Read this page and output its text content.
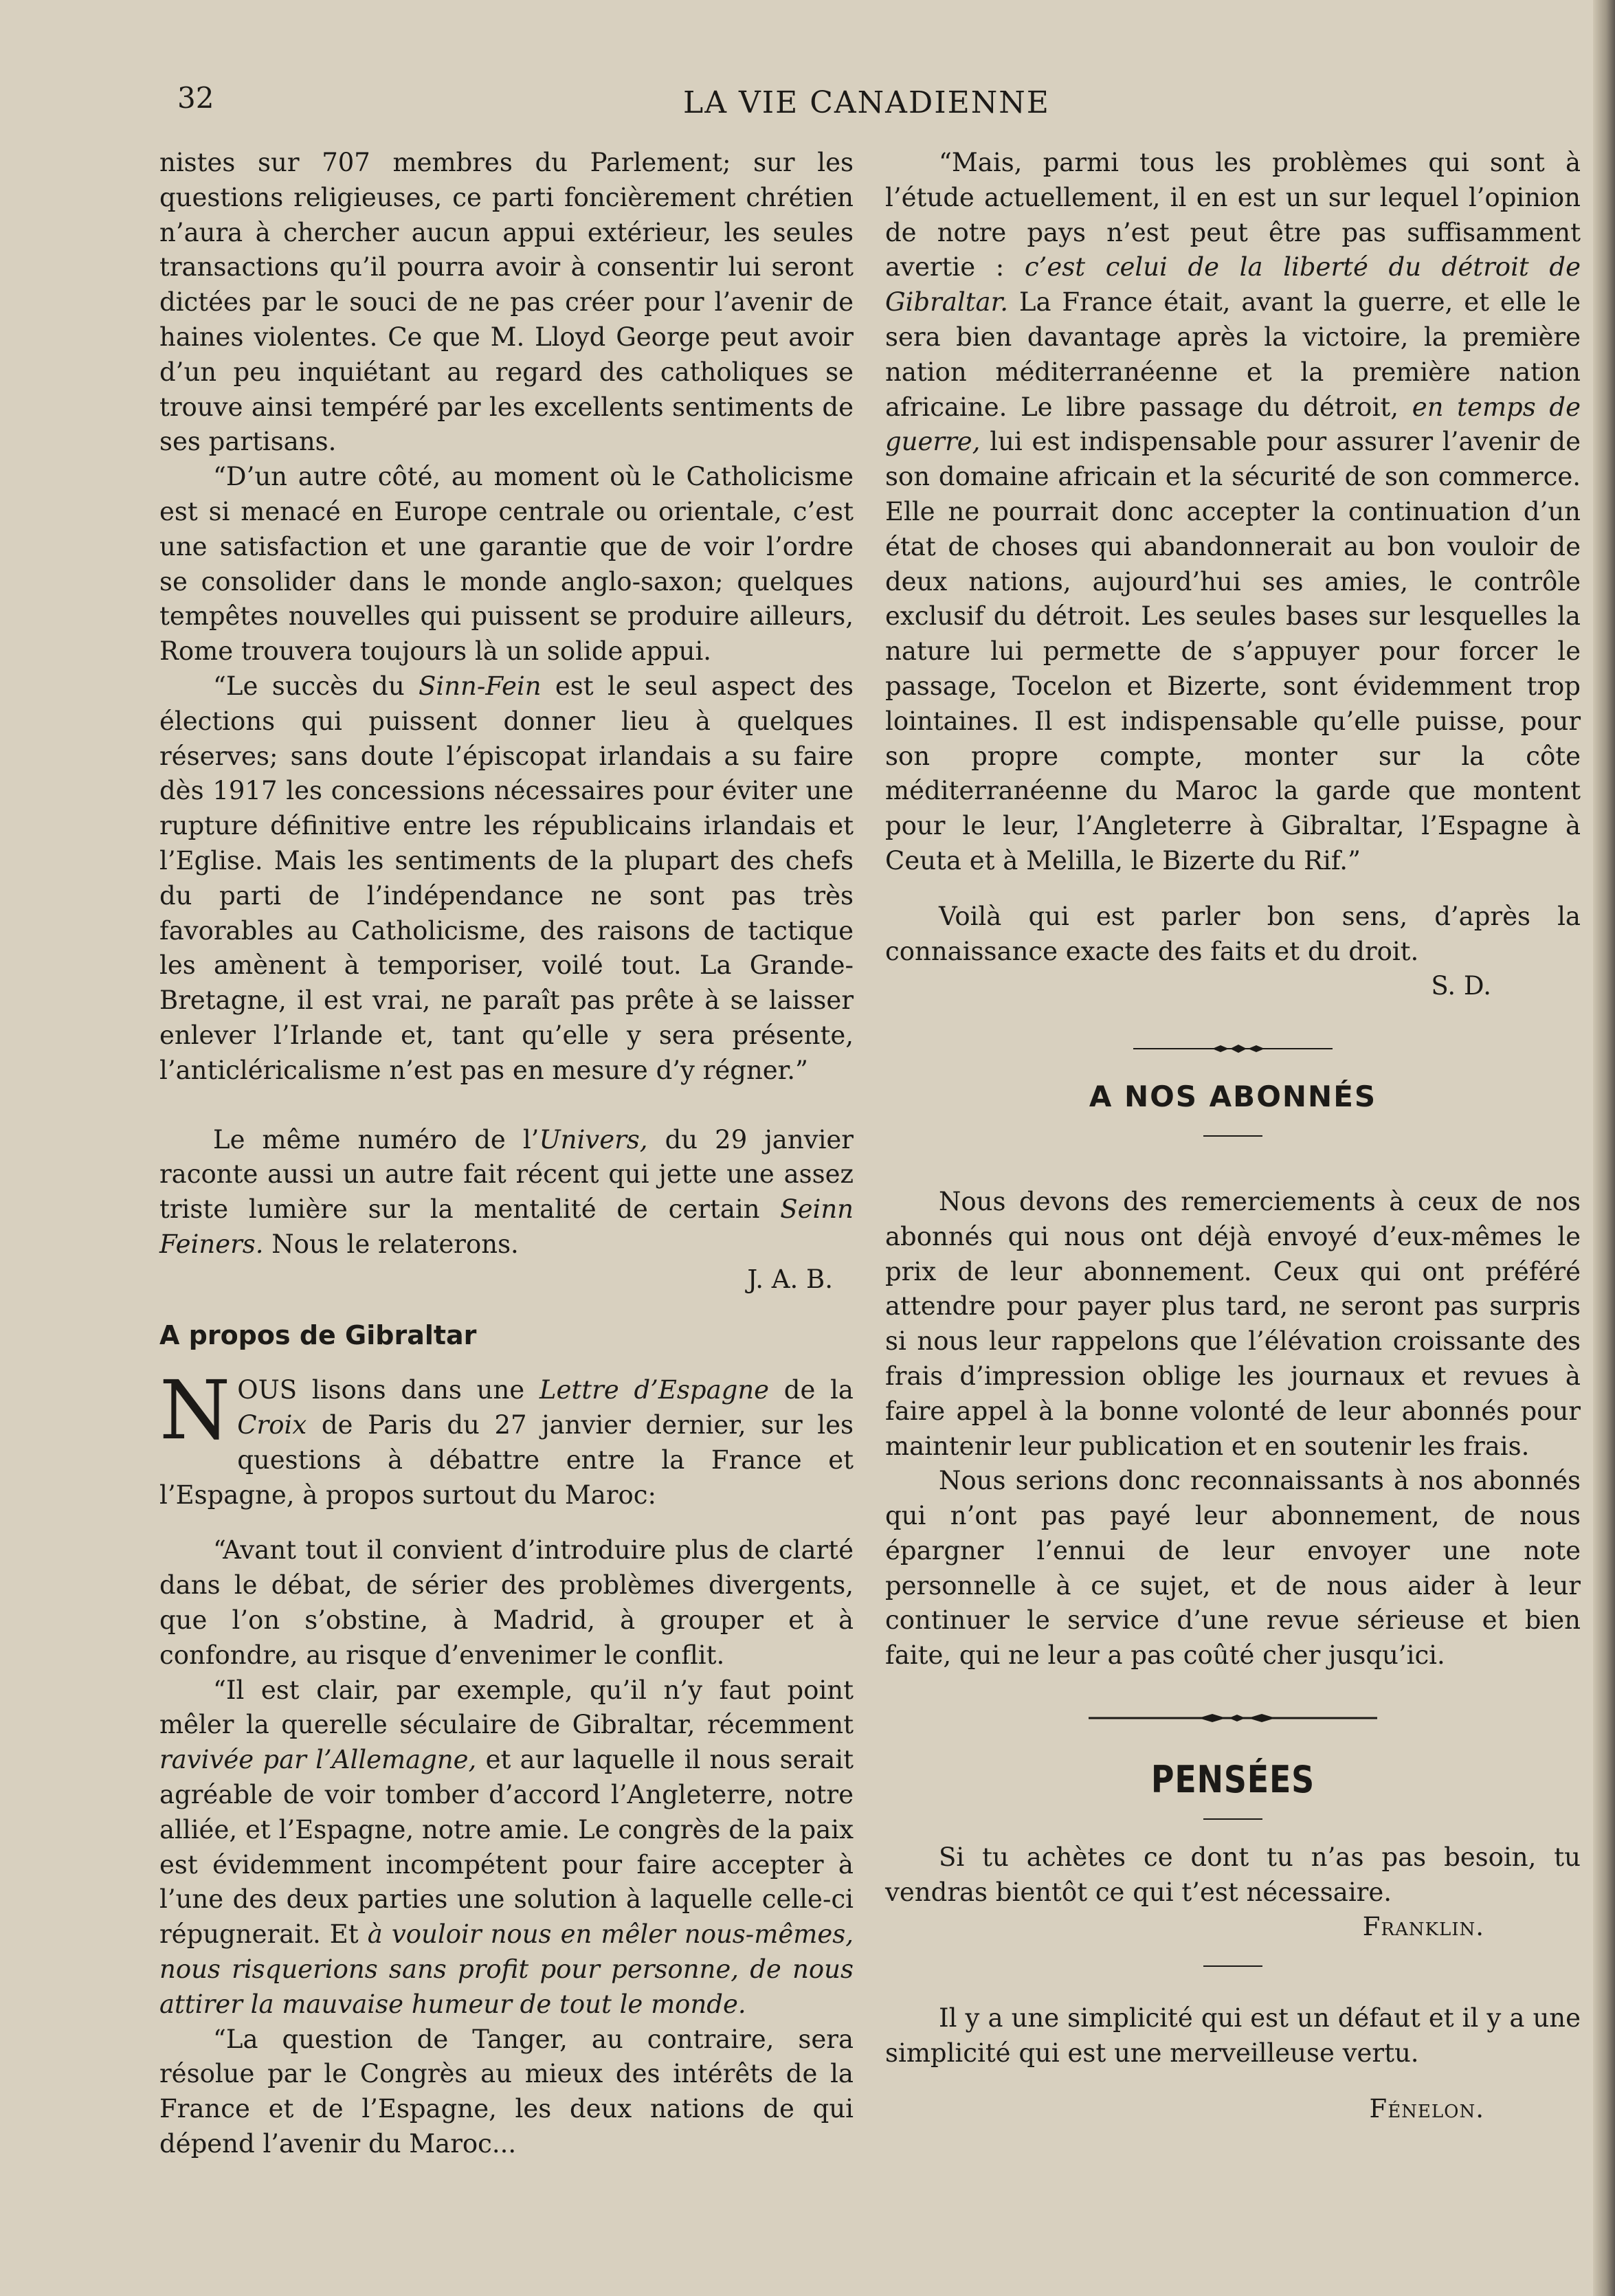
32	LA VIE CANADIENNE

nistes sur 707 membres du Parlement; sur les questions religieuses, ce parti foncièrement chrétien n’aura à chercher aucun appui extérieur, les seules transactions qu’il pourra avoir à consentir lui seront dictées par le souci de ne pas créer pour l’avenir de haines violentes. Ce que M. Lloyd George peut avoir d’un peu inquiétant au regard des catholiques se trouve ainsi tempéré par les excellents sentiments de ses partisans.

“D’un autre côté, au moment où le Catholicisme est si menacé en Europe centrale ou orientale, c’est une satisfaction et une garantie que de voir l’ordre se consolider dans le monde anglo-saxon; quelques tempêtes nouvelles qui puissent se produire ailleurs, Rome trouvera toujours là un solide appui.

“Le succès du Sinn-Fein est le seul aspect des élections qui puissent donner lieu à quelques réserves; sans doute l’épiscopat irlandais a su faire dès 1917 les concessions nécessaires pour éviter une rupture définitive entre les républicains irlandais et l’Eglise. Mais les sentiments de la plupart des chefs du parti de l’indépendance ne sont pas très favorables au Catholicisme, des raisons de tactique les amènent à temporiser, voilé tout. La Grande-Bretagne, il est vrai, ne paraît pas prête à se laisser enlever l’Irlande et, tant qu’elle y sera présente, l’anticléricalisme n’est pas en mesure d’y régner.”

Le même numéro de l’Univers, du 29 janvier raconte aussi un autre fait récent qui jette une assez triste lumière sur la mentalité de certain Seinn Feiners. Nous le relaterons.

J. A. B.

A propos de Gibraltar

NOUS lisons dans une Lettre d’Espagne de la Croix de Paris du 27 janvier dernier, sur les questions à débattre entre la France et l’Espagne, à propos surtout du Maroc:

“Avant tout il convient d’introduire plus de clarté dans le débat, de sérier des problèmes divergents, que l’on s’obstine, à Madrid, à grouper et à confondre, au risque d’envenimer le conflit.

“Il est clair, par exemple, qu’il n’y faut point mêler la querelle séculaire de Gibraltar, récemment ravivée par l’Allemagne, et aur laquelle il nous serait agréable de voir tomber d’accord l’Angleterre, notre alliée, et l’Espagne, notre amie. Le congrès de la paix est évidemment incompétent pour faire accepter à l’une des deux parties une solution à laquelle celle-ci répugnerait. Et à vouloir nous en mêler nous-mêmes, nous risquerions sans profit pour personne, de nous attirer la mauvaise humeur de tout le monde.

“La question de Tanger, au contraire, sera résolue par le Congrès au mieux des intérêts de la France et de l’Espagne, les deux nations de qui dépend l’avenir du Maroc...

“Mais, parmi tous les problèmes qui sont à l’étude actuellement, il en est un sur lequel l’opinion de notre pays n’est peut être pas suffisamment avertie : c’est celui de la liberté du détroit de Gibraltar. La France était, avant la guerre, et elle le sera bien davantage après la victoire, la première nation méditerranéenne et la première nation africaine. Le libre passage du détroit, en temps de guerre, lui est indispensable pour assurer l’avenir de son domaine africain et la sécurité de son commerce. Elle ne pourrait donc accepter la continuation d’un état de choses qui abandonnerait au bon vouloir de deux nations, aujourd’hui ses amies, le contrôle exclusif du détroit. Les seules bases sur lesquelles la nature lui permette de s’appuyer pour forcer le passage, Tocelon et Bizerte, sont évidemment trop lointaines. Il est indispensable qu’elle puisse, pour son propre compte, monter sur la côte méditerranéenne du Maroc la garde que montent pour le leur, l’Angleterre à Gibraltar, l’Espagne à Ceuta et à Melilla, le Bizerte du Rif.”

Voilà qui est parler bon sens, d’après la connaissance exacte des faits et du droit.

S. D.

A NOS ABONNÉS

Nous devons des remerciements à ceux de nos abonnés qui nous ont déjà envoyé d’eux-mêmes le prix de leur abonnement. Ceux qui ont préféré attendre pour payer plus tard, ne seront pas surpris si nous leur rappelons que l’élévation croissante des frais d’impression oblige les journaux et revues à faire appel à la bonne volonté de leur abonnés pour maintenir leur publication et en soutenir les frais.

Nous serions donc reconnaissants à nos abonnés qui n’ont pas payé leur abonnement, de nous épargner l’ennui de leur envoyer une note personnelle à ce sujet, et de nous aider à leur continuer le service d’une revue sérieuse et bien faite, qui ne leur a pas coûté cher jusqu’ici.

PENSÉES

Si tu achètes ce dont tu n’as pas besoin, tu vendras bientôt ce qui t’est nécessaire.

Franklin.

Il y a une simplicité qui est un défaut et il y a une simplicité qui est une merveilleuse vertu.

Fénelon.
